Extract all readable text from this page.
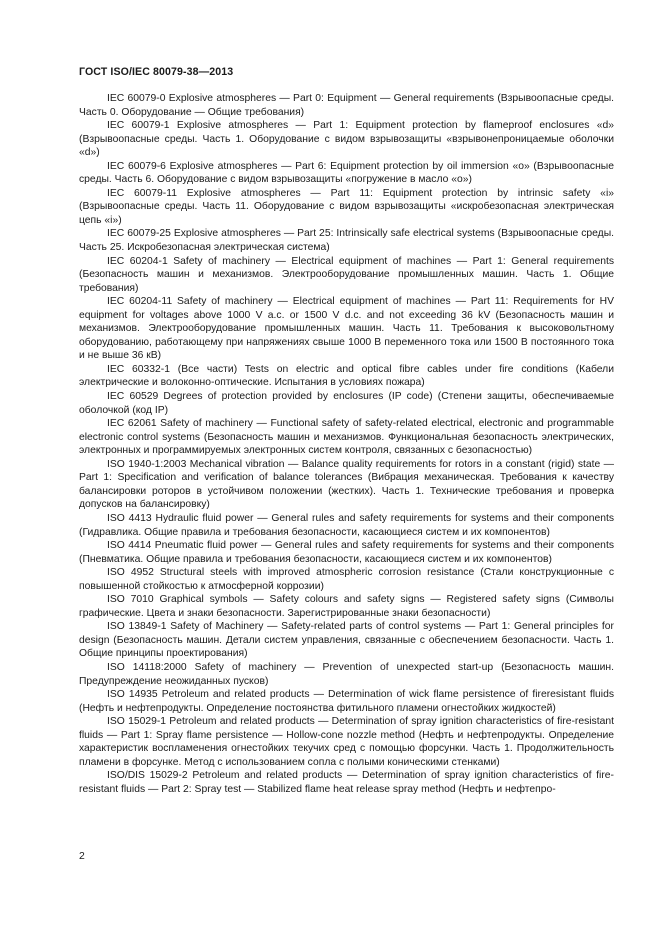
ГОСТ ISO/IEC 80079-38—2013

IEC 60079-0 Explosive atmospheres — Part 0: Equipment — General requirements (Взрывоопасные среды. Часть 0. Оборудование — Общие требования)

IEC 60079-1 Explosive atmospheres — Part 1: Equipment protection by flameproof enclosures «d» (Взрывоопасные среды. Часть 1. Оборудование с видом взрывозащиты «взрывонепроницаемые оболочки «d»)

IEC 60079-6 Explosive atmospheres — Part 6: Equipment protection by oil immersion «o» (Взрывоопасные среды. Часть 6. Оборудование с видом взрывозащиты «погружение в масло «o»)

IEC 60079-11 Explosive atmospheres — Part 11: Equipment protection by intrinsic safety «i» (Взрывоопасные среды. Часть 11. Оборудование с видом взрывозащиты «искробезопасная электрическая цепь «i»)

IEC 60079-25 Explosive atmospheres — Part 25: Intrinsically safe electrical systems (Взрывоопасные среды. Часть 25. Искробезопасная электрическая система)

IEC 60204-1 Safety of machinery — Electrical equipment of machines — Part 1: General requirements (Безопасность машин и механизмов. Электрооборудование промышленных машин. Часть 1. Общие требования)

IEC 60204-11 Safety of machinery — Electrical equipment of machines — Part 11: Requirements for HV equipment for voltages above 1000 V a.c. or 1500 V d.c. and not exceeding 36 kV (Безопасность машин и механизмов. Электрооборудование промышленных машин. Часть 11. Требования к высоковольтному оборудованию, работающему при напряжениях свыше 1000 В переменного тока или 1500 В постоянного тока и не выше 36 кВ)

IEC 60332-1 (Все части) Tests on electric and optical fibre cables under fire conditions (Кабели электрические и волоконно-оптические. Испытания в условиях пожара)

IEC 60529 Degrees of protection provided by enclosures (IP code) (Степени защиты, обеспечиваемые оболочкой (код IP)

IEC 62061 Safety of machinery — Functional safety of safety-related electrical, electronic and programmable electronic control systems (Безопасность машин и механизмов. Функциональная безопасность электрических, электронных и программируемых электронных систем контроля, связанных с безопасностью)

ISO 1940-1:2003 Mechanical vibration — Balance quality requirements for rotors in a constant (rigid) state — Part 1: Specification and verification of balance tolerances (Вибрация механическая. Требования к качеству балансировки роторов в устойчивом положении (жестких). Часть 1. Технические требования и проверка допусков на балансировку)

ISO 4413 Hydraulic fluid power — General rules and safety requirements for systems and their components (Гидравлика. Общие правила и требования безопасности, касающиеся систем и их компонентов)

ISO 4414 Pneumatic fluid power — General rules and safety requirements for systems and their components (Пневматика. Общие правила и требования безопасности, касающиеся систем и их компонентов)

ISO 4952 Structural steels with improved atmospheric corrosion resistance (Стали конструкционные с повышенной стойкостью к атмосферной коррозии)

ISO 7010 Graphical symbols — Safety colours and safety signs — Registered safety signs (Символы графические. Цвета и знаки безопасности. Зарегистрированные знаки безопасности)

ISO 13849-1 Safety of Machinery — Safety-related parts of control systems — Part 1: General principles for design (Безопасность машин. Детали систем управления, связанные с обеспечением безопасности. Часть 1. Общие принципы проектирования)

ISO 14118:2000 Safety of machinery — Prevention of unexpected start-up (Безопасность машин. Предупреждение неожиданных пусков)

ISO 14935 Petroleum and related products — Determination of wick flame persistence of fireresistant fluids (Нефть и нефтепродукты. Определение постоянства фитильного пламени огнестойких жидкостей)

ISO 15029-1 Petroleum and related products — Determination of spray ignition characteristics of fire-resistant fluids — Part 1: Spray flame persistence — Hollow-cone nozzle method (Нефть и нефтепродукты. Определение характеристик воспламенения огнестойких текучих сред с помощью форсунки. Часть 1. Продолжительность пламени в форсунке. Метод с использованием сопла с полыми коническими стенками)

ISO/DIS 15029-2 Petroleum and related products — Determination of spray ignition characteristics of fire-resistant fluids — Part 2: Spray test — Stabilized flame heat release spray method (Нефть и нефтепро-

2
